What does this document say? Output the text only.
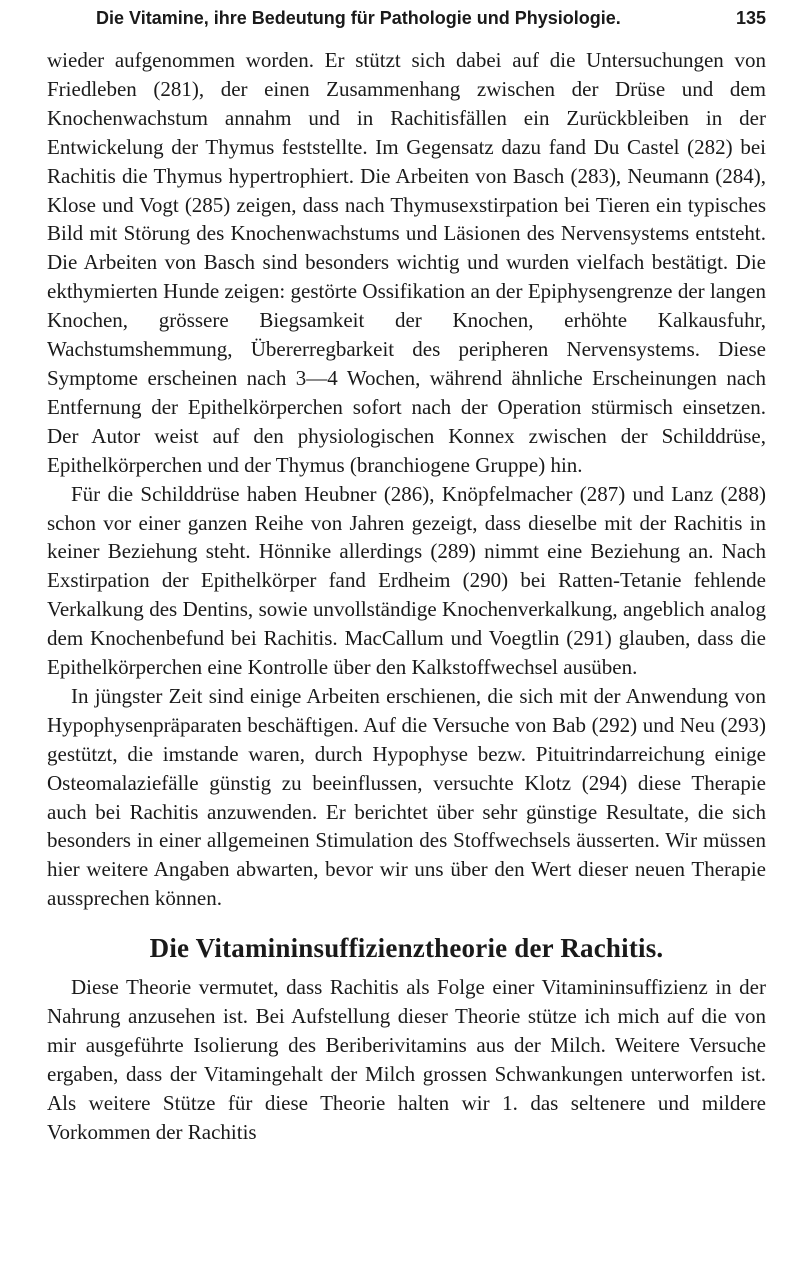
Die Vitamine, ihre Bedeutung für Pathologie und Physiologie.	135

wieder aufgenommen worden. Er stützt sich dabei auf die Untersuchungen von Friedleben (281), der einen Zusammenhang zwischen der Drüse und dem Knochenwachstum annahm und in Rachitisfällen ein Zurückbleiben in der Entwickelung der Thymus feststellte. Im Gegensatz dazu fand Du Castel (282) bei Rachitis die Thymus hypertrophiert. Die Arbeiten von Basch (283), Neumann (284), Klose und Vogt (285) zeigen, dass nach Thymusexstirpation bei Tieren ein typisches Bild mit Störung des Knochenwachstums und Läsionen des Nervensystems entsteht. Die Arbeiten von Basch sind besonders wichtig und wurden vielfach bestätigt. Die ekthymierten Hunde zeigen: gestörte Ossifikation an der Epiphysengrenze der langen Knochen, grössere Biegsamkeit der Knochen, erhöhte Kalkausfuhr, Wachstumshemmung, Übererregbarkeit des peripheren Nervensystems. Diese Symptome erscheinen nach 3—4 Wochen, während ähnliche Erscheinungen nach Entfernung der Epithelkörperchen sofort nach der Operation stürmisch einsetzen. Der Autor weist auf den physiologischen Konnex zwischen der Schilddrüse, Epithelkörperchen und der Thymus (branchiogene Gruppe) hin.

Für die Schilddrüse haben Heubner (286), Knöpfelmacher (287) und Lanz (288) schon vor einer ganzen Reihe von Jahren gezeigt, dass dieselbe mit der Rachitis in keiner Beziehung steht. Hönnike allerdings (289) nimmt eine Beziehung an. Nach Exstirpation der Epithelkörper fand Erdheim (290) bei Ratten-Tetanie fehlende Verkalkung des Dentins, sowie unvollständige Knochenverkalkung, angeblich analog dem Knochenbefund bei Rachitis. MacCallum und Voegtlin (291) glauben, dass die Epithelkörperchen eine Kontrolle über den Kalkstoffwechsel ausüben.

In jüngster Zeit sind einige Arbeiten erschienen, die sich mit der Anwendung von Hypophysenpräparaten beschäftigen. Auf die Versuche von Bab (292) und Neu (293) gestützt, die imstande waren, durch Hypophyse bezw. Pituitrindarreichung einige Osteomalaziefälle günstig zu beeinflussen, versuchte Klotz (294) diese Therapie auch bei Rachitis anzuwenden. Er berichtet über sehr günstige Resultate, die sich besonders in einer allgemeinen Stimulation des Stoffwechsels äusserten. Wir müssen hier weitere Angaben abwarten, bevor wir uns über den Wert dieser neuen Therapie aussprechen können.

Die Vitamininsuffizienztheorie der Rachitis.

Diese Theorie vermutet, dass Rachitis als Folge einer Vitamininsuffizienz in der Nahrung anzusehen ist. Bei Aufstellung dieser Theorie stütze ich mich auf die von mir ausgeführte Isolierung des Beriberivitamins aus der Milch. Weitere Versuche ergaben, dass der Vitamingehalt der Milch grossen Schwankungen unterworfen ist. Als weitere Stütze für diese Theorie halten wir 1. das seltenere und mildere Vorkommen der Rachitis
